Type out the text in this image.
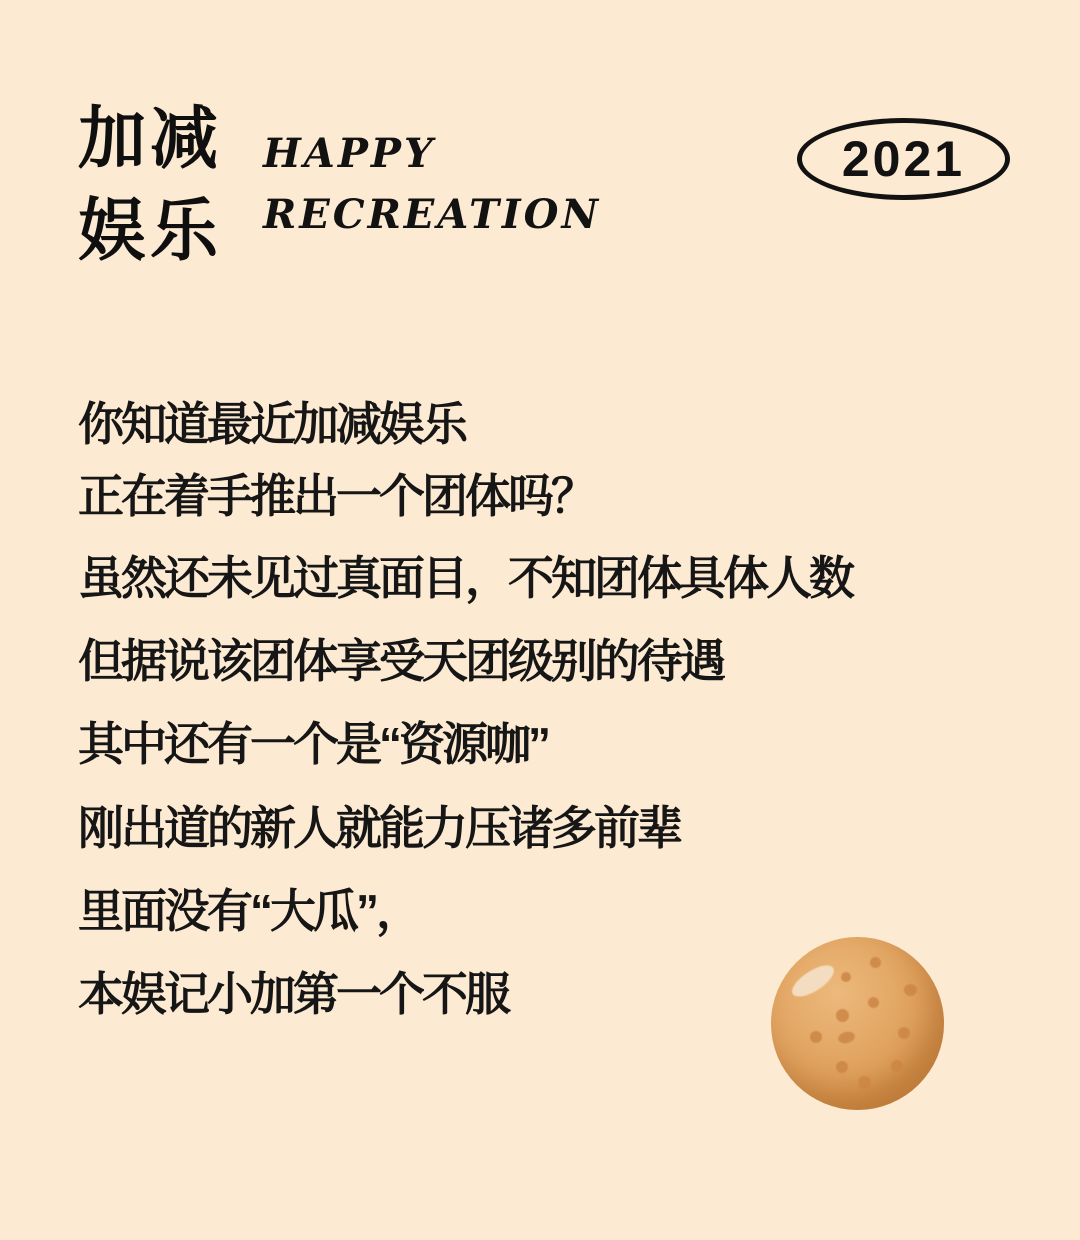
加减
娱乐
HAPPY
RECREATION
2021

你知道最近加减娱乐

正在着手推出一个团体吗？

虽然还未见过真面目，不知团体具体人数

但据说该团体享受天团级别的待遇

其中还有一个是“资源咖”

刚出道的新人就能力压诸多前辈

里面没有“大瓜”，

本娱记小加第一个不服
